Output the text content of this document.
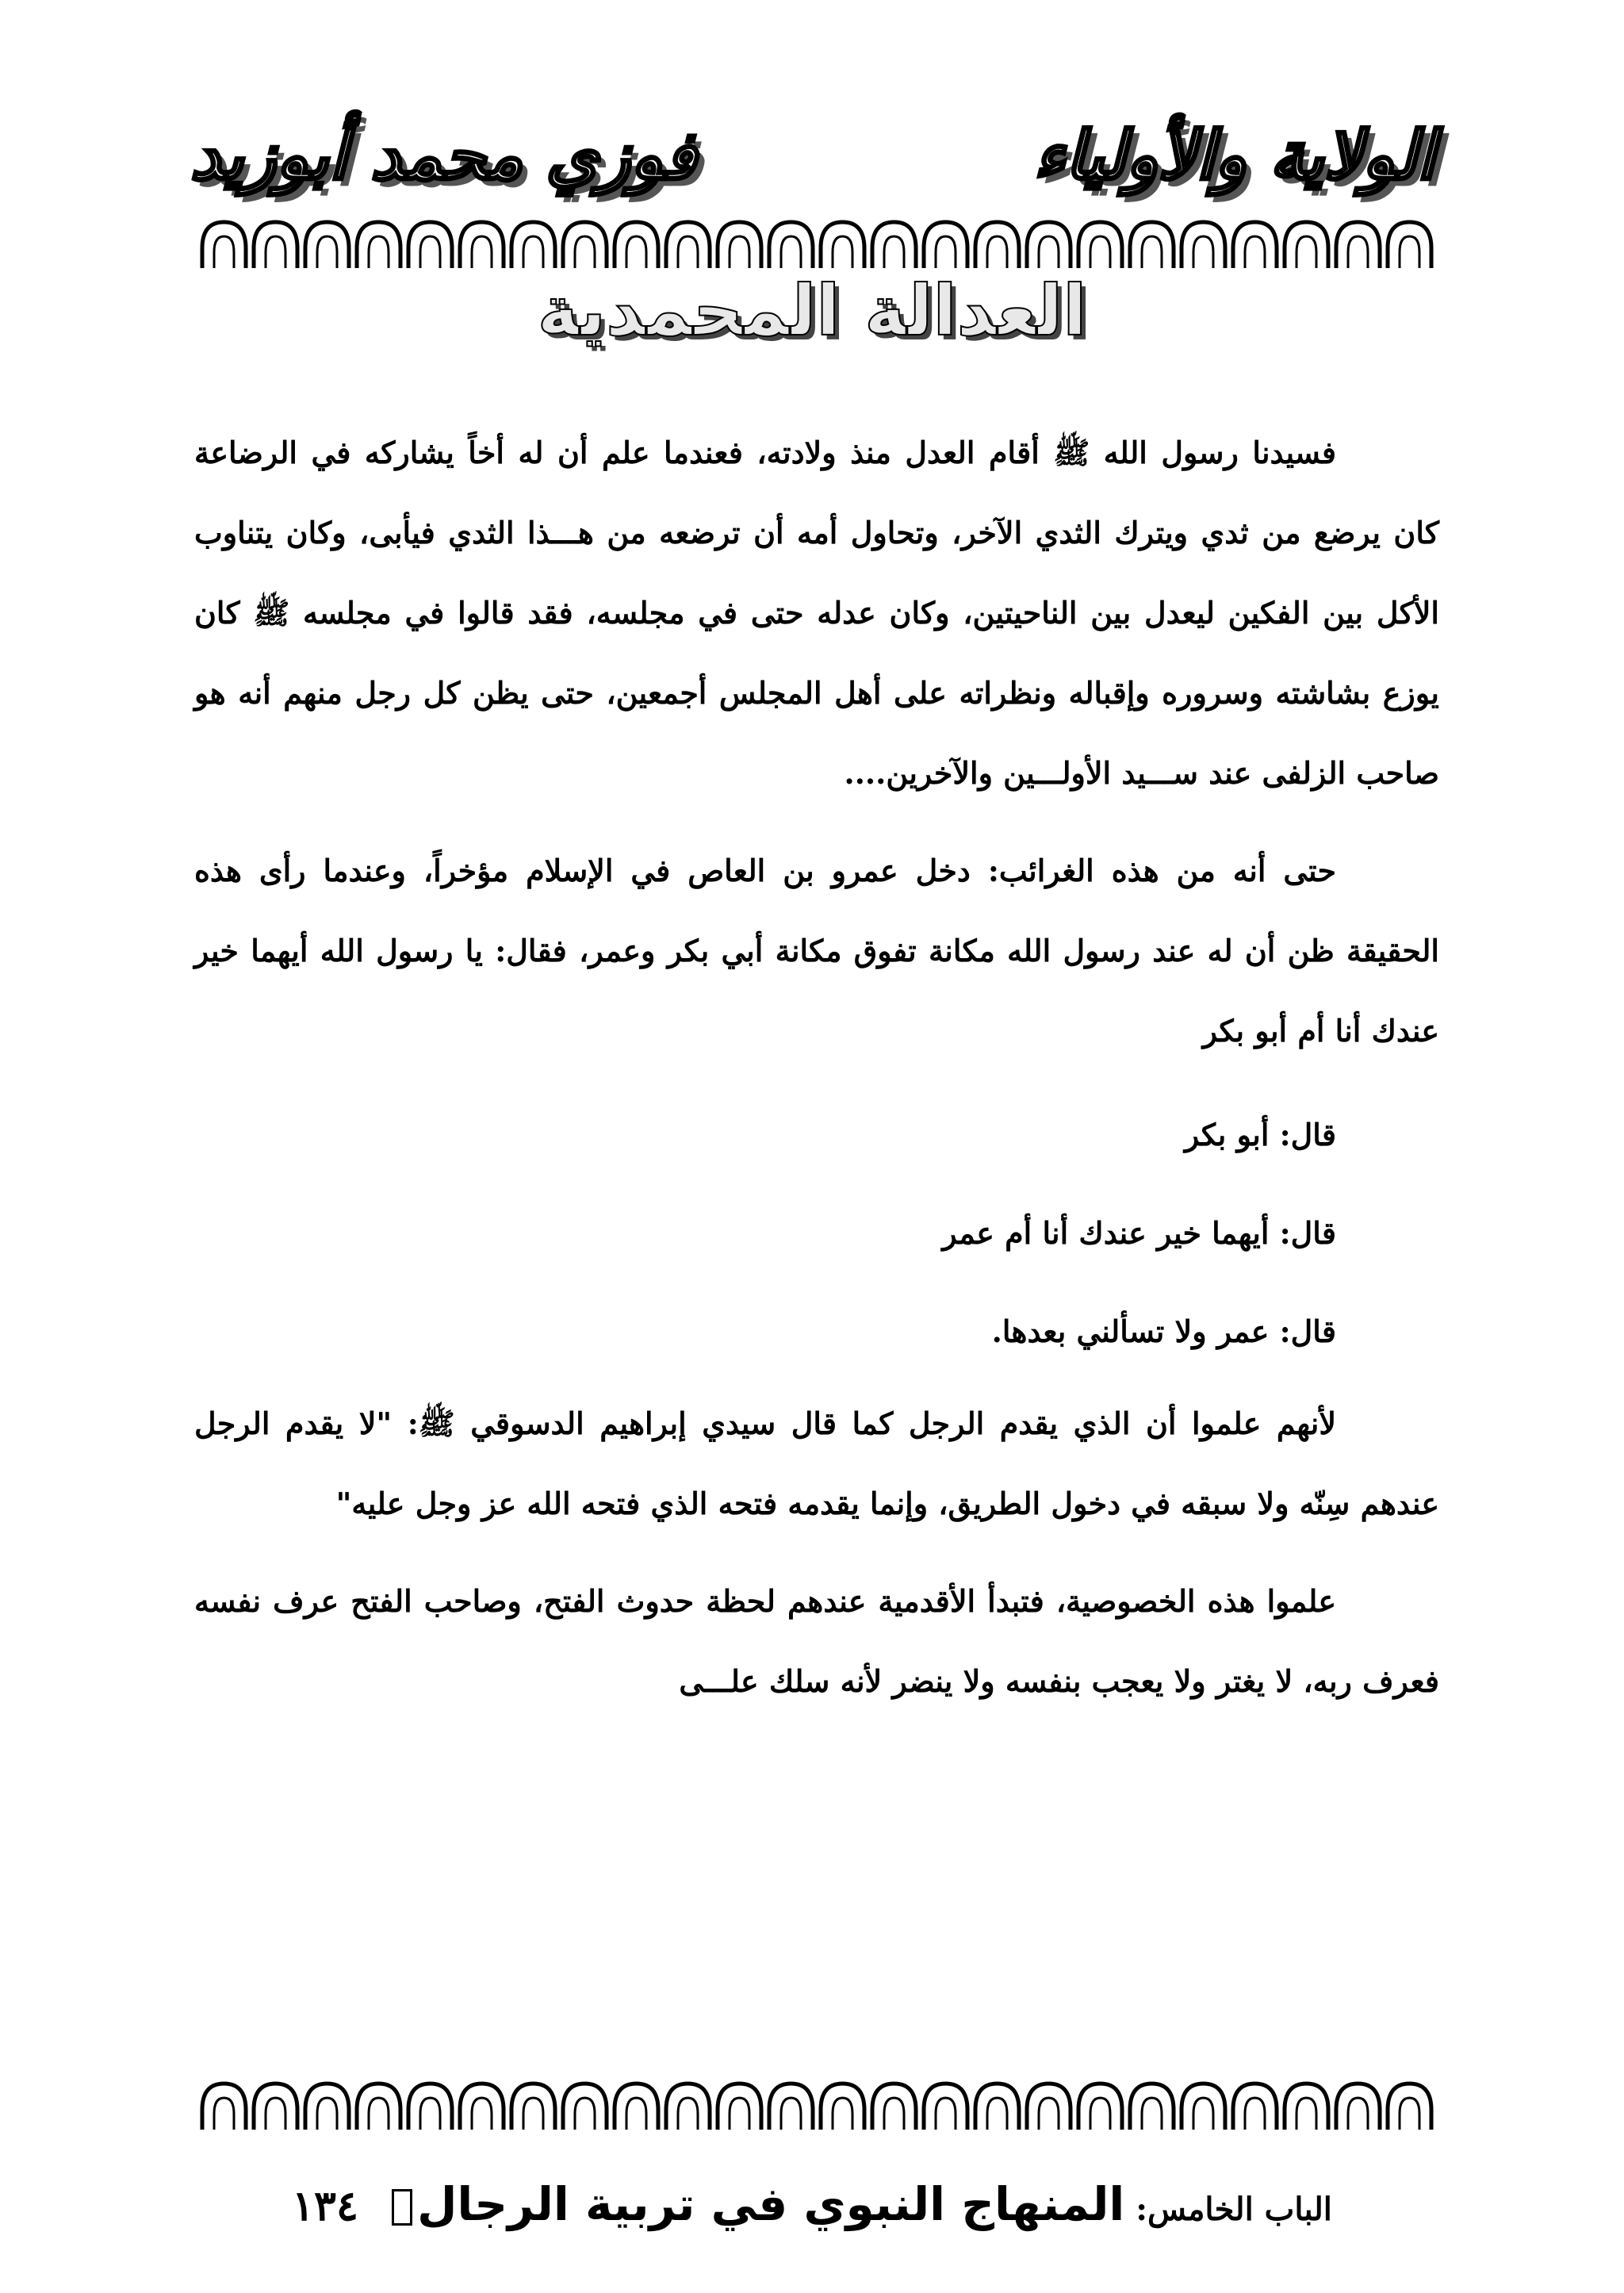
الولاية والأولياء
فوزي محمد أبوزيد
العدالة المحمدية

فسيدنا رسول الله ﷺ أقام العدل منذ ولادته، فعندما علم أن له أخاً يشاركه في الرضاعة كان يرضع من ثدي ويترك الثدي الآخر، وتحاول أمه أن ترضعه من هـــذا الثدي فيأبى، وكان يتناوب الأكل بين الفكين ليعدل بين الناحيتين، وكان عدله حتى في مجلسه، فقد قالوا في مجلسه ﷺ كان يوزع بشاشته وسروره وإقباله ونظراته على أهل المجلس أجمعين، حتى يظن كل رجل منهم أنه هو صاحب الزلفى عند ســـيد الأولـــين والآخرين....

حتى أنه من هذه الغرائب: دخل عمرو بن العاص في الإسلام مؤخراً، وعندما رأى هذه الحقيقة ظن أن له عند رسول الله مكانة تفوق مكانة أبي بكر وعمر، فقال: يا رسول الله أيهما خير عندك أنا أم أبو بكر

قال: أبو بكر

قال: أيهما خير عندك أنا أم عمر

قال: عمر ولا تسألني بعدها.

لأنهم علموا أن الذي يقدم الرجل كما قال سيدي إبراهيم الدسوقي ﷺ: "لا يقدم الرجل عندهم سِنّه ولا سبقه في دخول الطريق، وإنما يقدمه فتحه الذي فتحه الله عز وجل عليه"

علموا هذه الخصوصية، فتبدأ الأقدمية عندهم لحظة حدوث الفتح، وصاحب الفتح عرف نفسه فعرف ربه، لا يغتر ولا يعجب بنفسه ولا ينضر لأنه سلك علـــى

الباب الخامس: المنهاج النبوي في تربية الرجال ١٣٤
